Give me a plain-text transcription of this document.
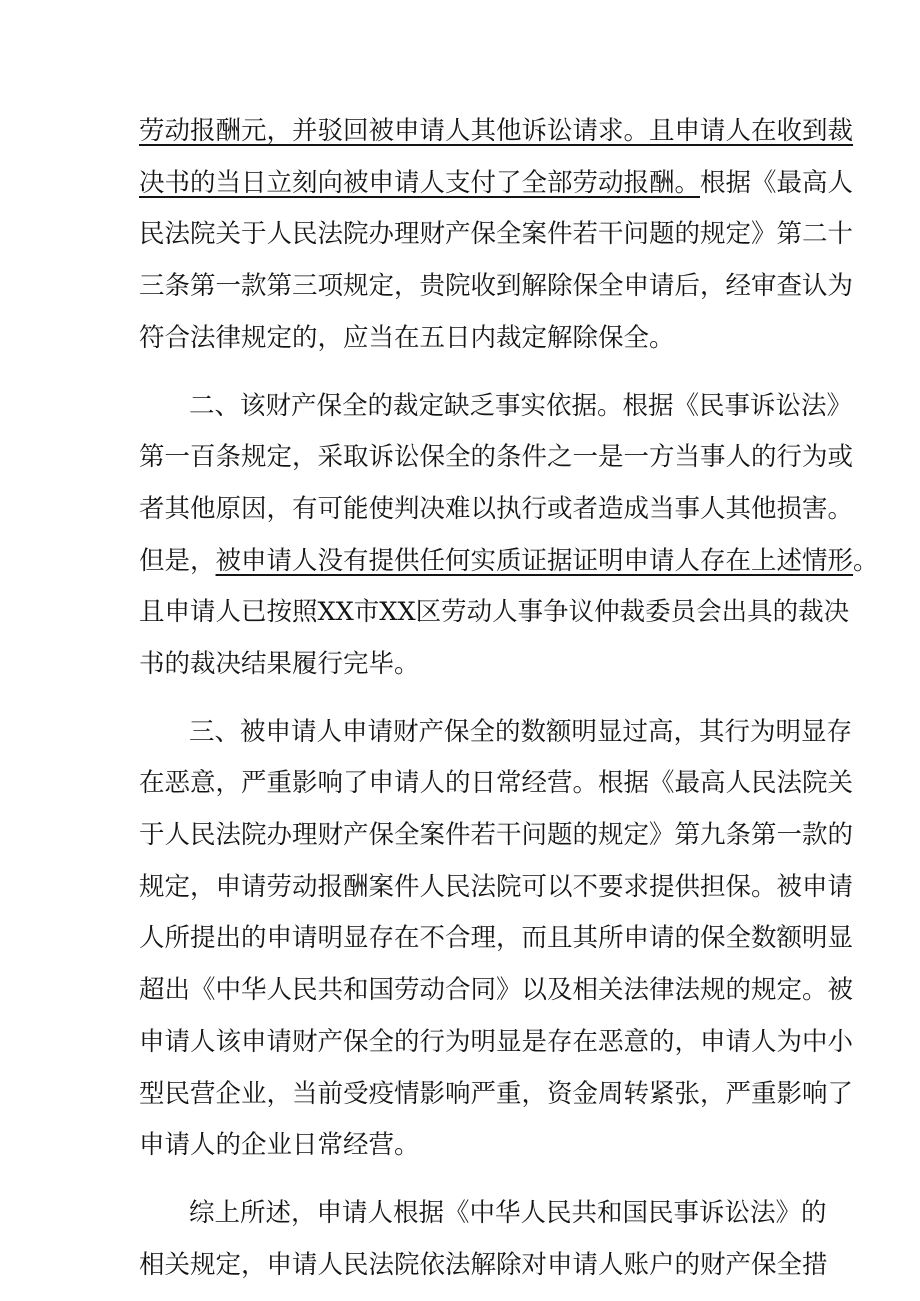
劳动报酬元，并驳回被申请人其他诉讼请求。且申请人在收到裁
决书的当日立刻向被申请人支付了全部劳动报酬。根据《最高人
民法院关于人民法院办理财产保全案件若干问题的规定》第二十
三条第一款第三项规定，贵院收到解除保全申请后，经审查认为
符合法律规定的，应当在五日内裁定解除保全。
二、该财产保全的裁定缺乏事实依据。根据《民事诉讼法》
第一百条规定，采取诉讼保全的条件之一是一方当事人的行为或
者其他原因，有可能使判决难以执行或者造成当事人其他损害。
但是，被申请人没有提供任何实质证据证明申请人存在上述情形。
且申请人已按照XX市XX区劳动人事争议仲裁委员会出具的裁决
书的裁决结果履行完毕。
三、被申请人申请财产保全的数额明显过高，其行为明显存
在恶意，严重影响了申请人的日常经营。根据《最高人民法院关
于人民法院办理财产保全案件若干问题的规定》第九条第一款的
规定，申请劳动报酬案件人民法院可以不要求提供担保。被申请
人所提出的申请明显存在不合理，而且其所申请的保全数额明显
超出《中华人民共和国劳动合同》以及相关法律法规的规定。被
申请人该申请财产保全的行为明显是存在恶意的，申请人为中小
型民营企业，当前受疫情影响严重，资金周转紧张，严重影响了
申请人的企业日常经营。
综上所述，申请人根据《中华人民共和国民事诉讼法》的
相关规定，申请人民法院依法解除对申请人账户的财产保全措
